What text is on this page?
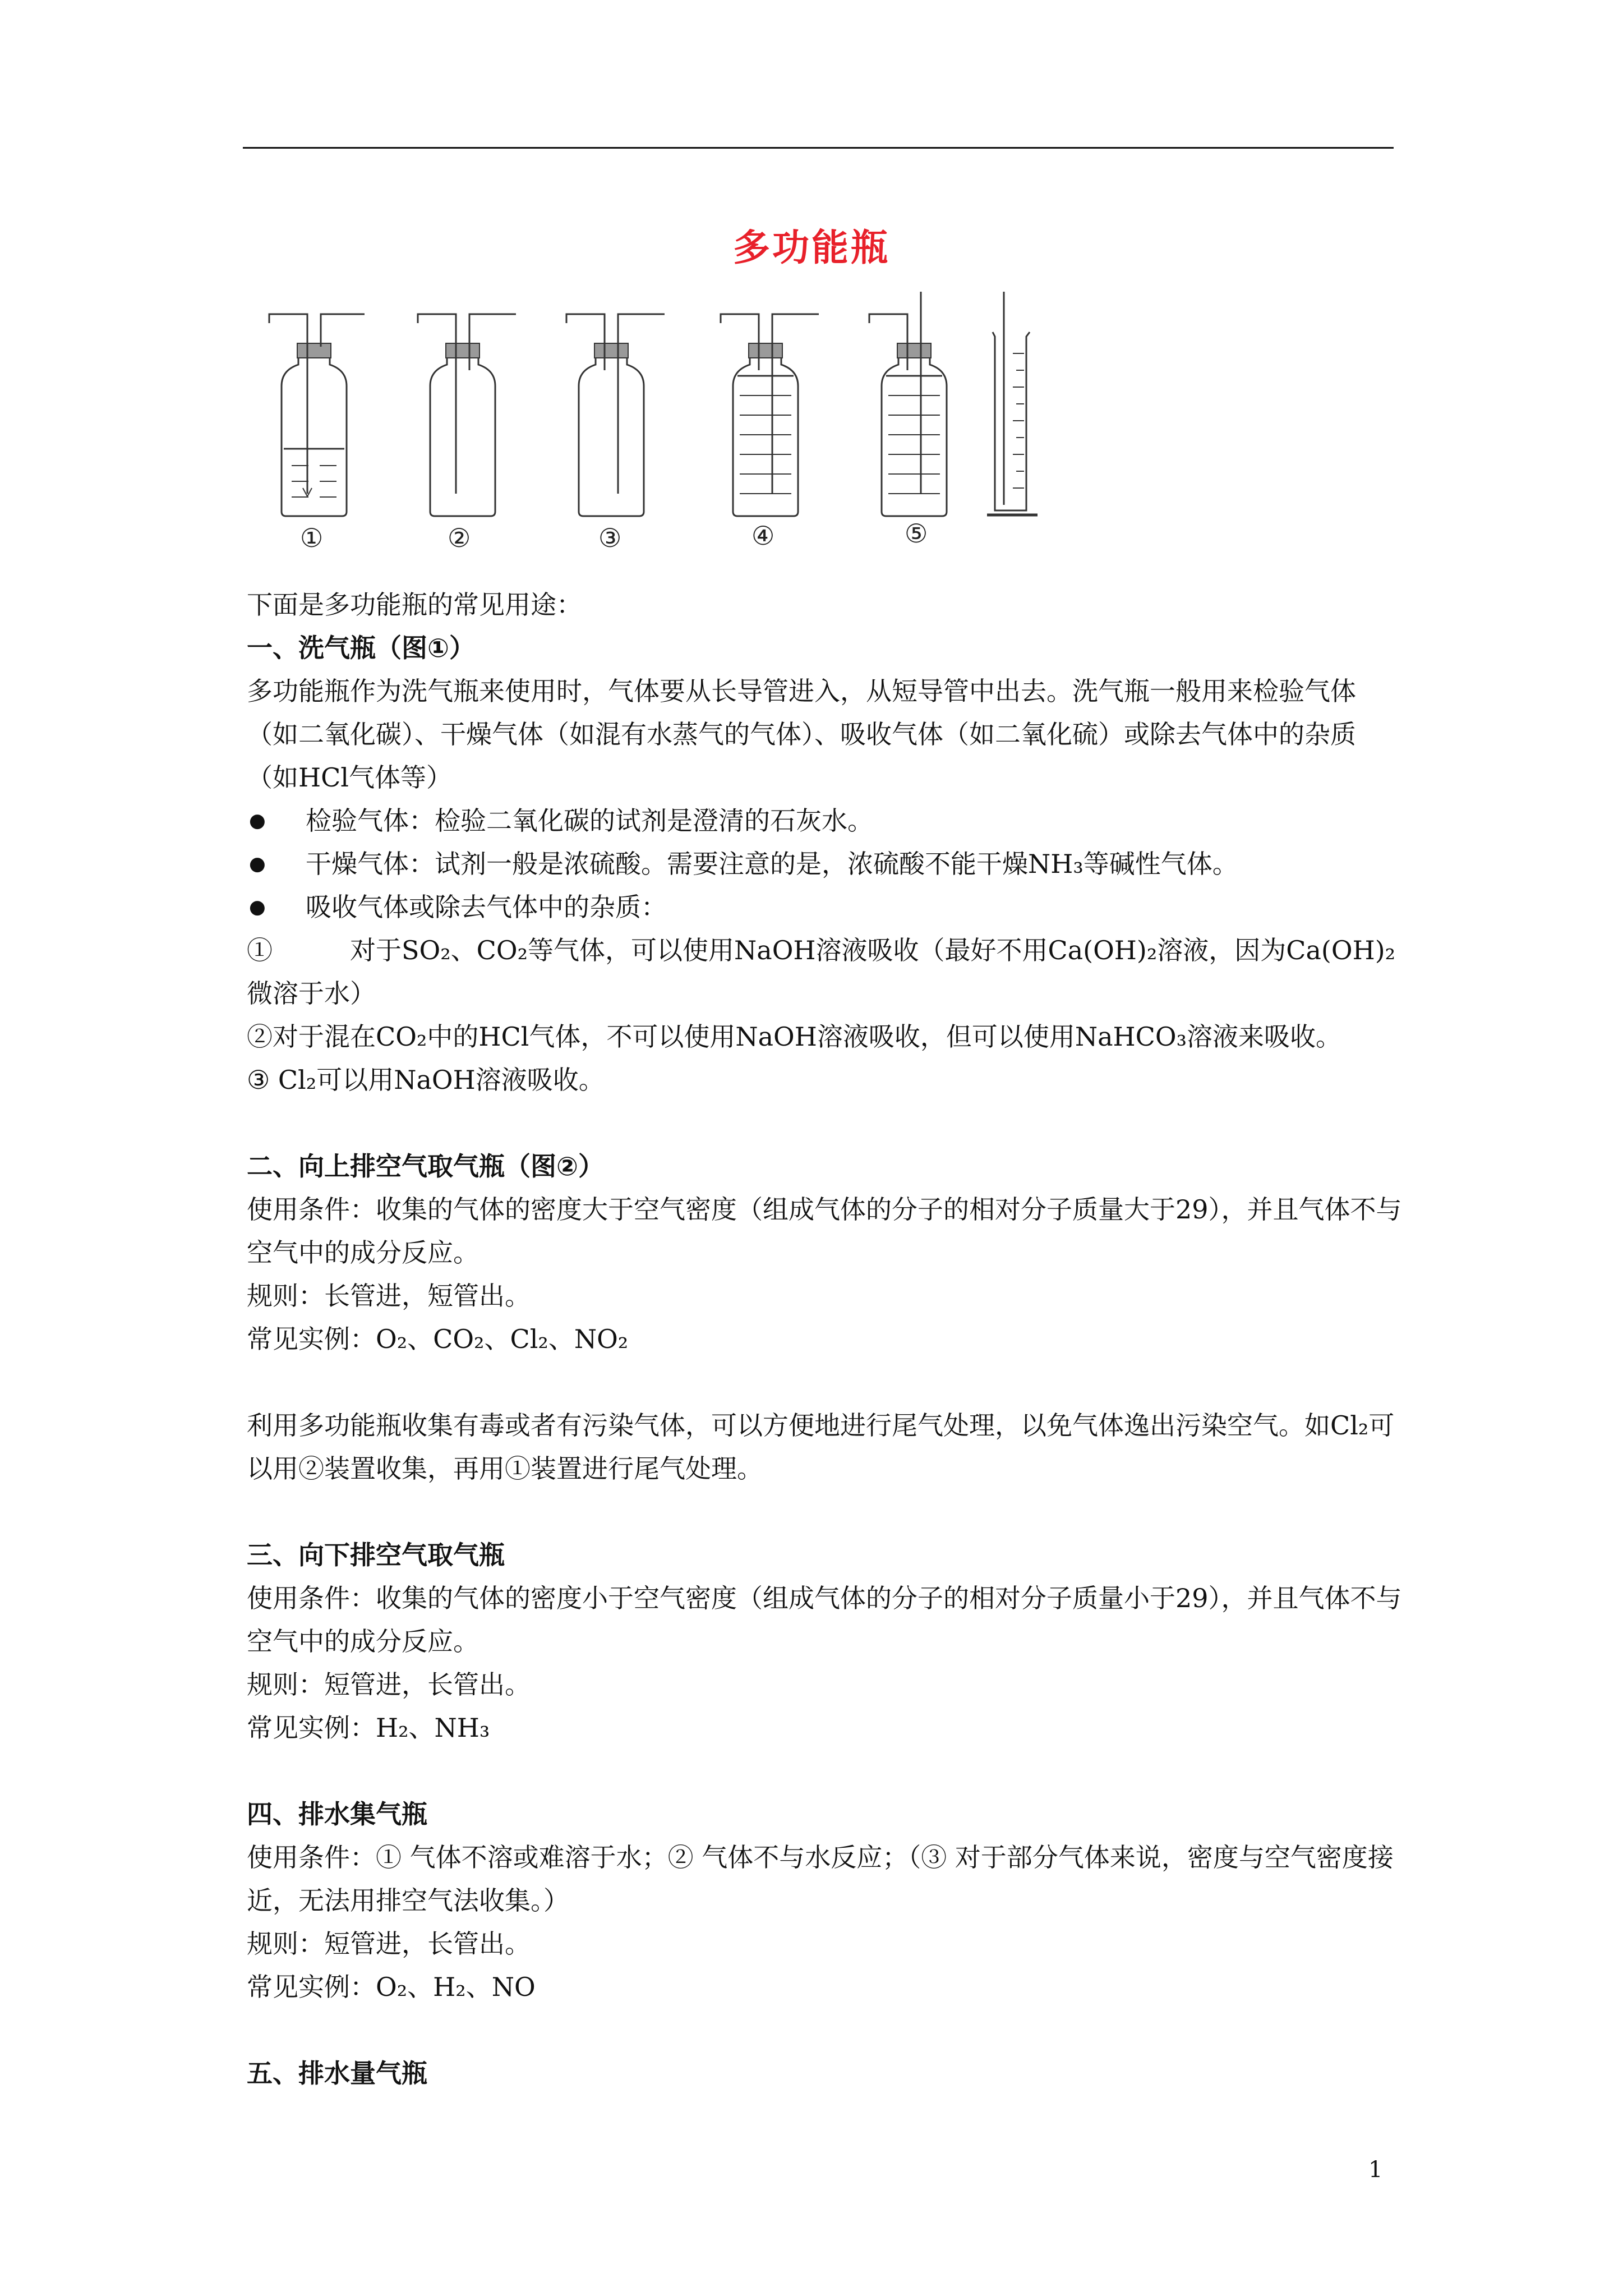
多功能瓶
①	②	③	④	⑤

下面是多功能瓶的常见用途：

一、洗气瓶（图①）

多功能瓶作为洗气瓶来使用时，气体要从长导管进入，从短导管中出去。洗气瓶一般用来检验气体（如二氧化碳）、干燥气体（如混有水蒸气的气体）、吸收气体（如二氧化硫）或除去气体中的杂质（如HCl气体等）

● 检验气体：检验二氧化碳的试剂是澄清的石灰水。

● 干燥气体：试剂一般是浓硫酸。需要注意的是，浓硫酸不能干燥NH₃等碱性气体。

● 吸收气体或除去气体中的杂质：

①　　　对于SO₂、CO₂等气体，可以使用NaOH溶液吸收（最好不用Ca(OH)₂溶液，因为Ca(OH)₂微溶于水）

②对于混在CO₂中的HCl气体，不可以使用NaOH溶液吸收，但可以使用NaHCO₃溶液来吸收。

③ Cl₂可以用NaOH溶液吸收。

二、向上排空气取气瓶（图②）

使用条件：收集的气体的密度大于空气密度（组成气体的分子的相对分子质量大于29），并且气体不与空气中的成分反应。

规则：长管进，短管出。

常见实例：O₂、CO₂、Cl₂、NO₂

利用多功能瓶收集有毒或者有污染气体，可以方便地进行尾气处理，以免气体逸出污染空气。如Cl₂可以用②装置收集，再用①装置进行尾气处理。

三、向下排空气取气瓶

使用条件：收集的气体的密度小于空气密度（组成气体的分子的相对分子质量小于29），并且气体不与空气中的成分反应。

规则：短管进，长管出。

常见实例：H₂、NH₃

四、排水集气瓶

使用条件：① 气体不溶或难溶于水；② 气体不与水反应；（③ 对于部分气体来说，密度与空气密度接近，无法用排空气法收集。）

规则：短管进，长管出。

常见实例：O₂、H₂、NO

五、排水量气瓶

1
